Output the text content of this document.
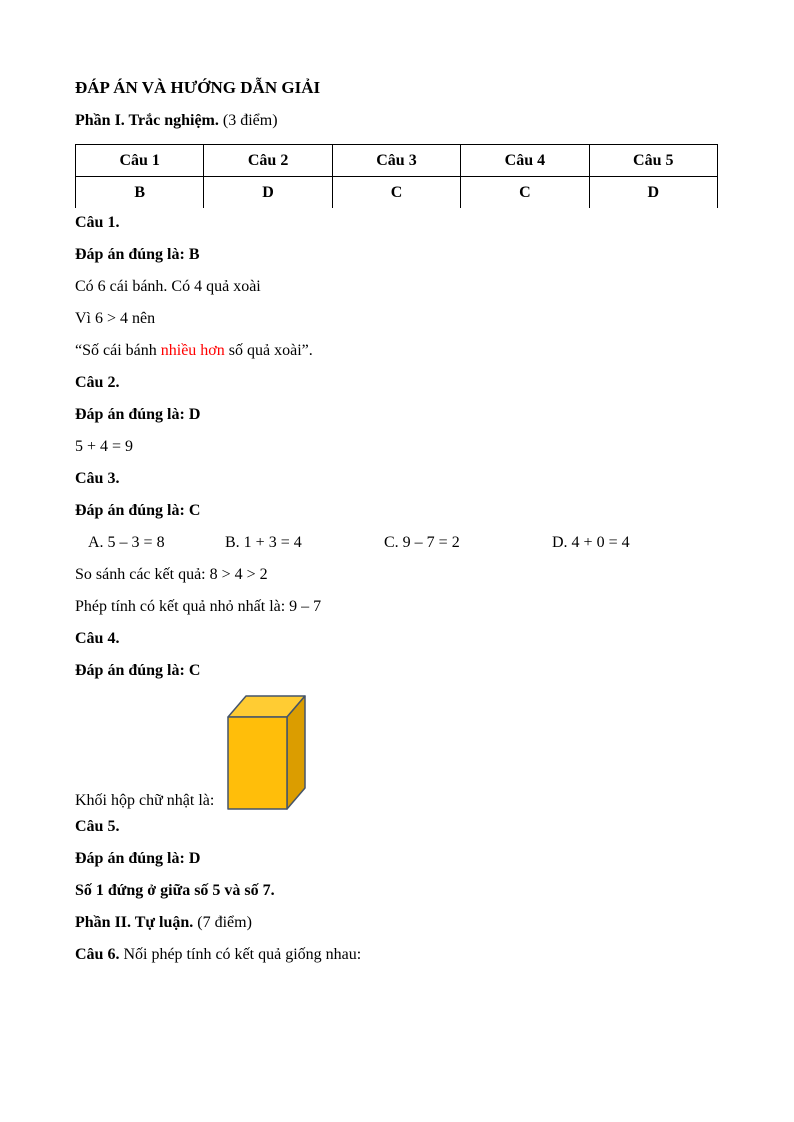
ĐÁP ÁN VÀ HƯỚNG DẪN GIẢI

Phần I. Trắc nghiệm. (3 điểm)

Câu 1	Câu 2	Câu 3	Câu 4	Câu 5
B	D	C	C	D

Câu 1.

Đáp án đúng là: B

Có 6 cái bánh. Có 4 quả xoài

Vì 6 > 4 nên

“Số cái bánh nhiều hơn số quả xoài”.

Câu 2.

Đáp án đúng là: D

5 + 4 = 9

Câu 3.

Đáp án đúng là: C

A. 5 – 3 = 8	B. 1 + 3 = 4	C. 9 – 7 = 2	D. 4 + 0 = 4

So sánh các kết quả: 8 > 4 > 2

Phép tính có kết quả nhỏ nhất là: 9 – 7

Câu 4.

Đáp án đúng là: C

Khối hộp chữ nhật là:

Câu 5.

Đáp án đúng là: D

Số 1 đứng ở giữa số 5 và số 7.

Phần II. Tự luận. (7 điểm)

Câu 6. Nối phép tính có kết quả giống nhau:
